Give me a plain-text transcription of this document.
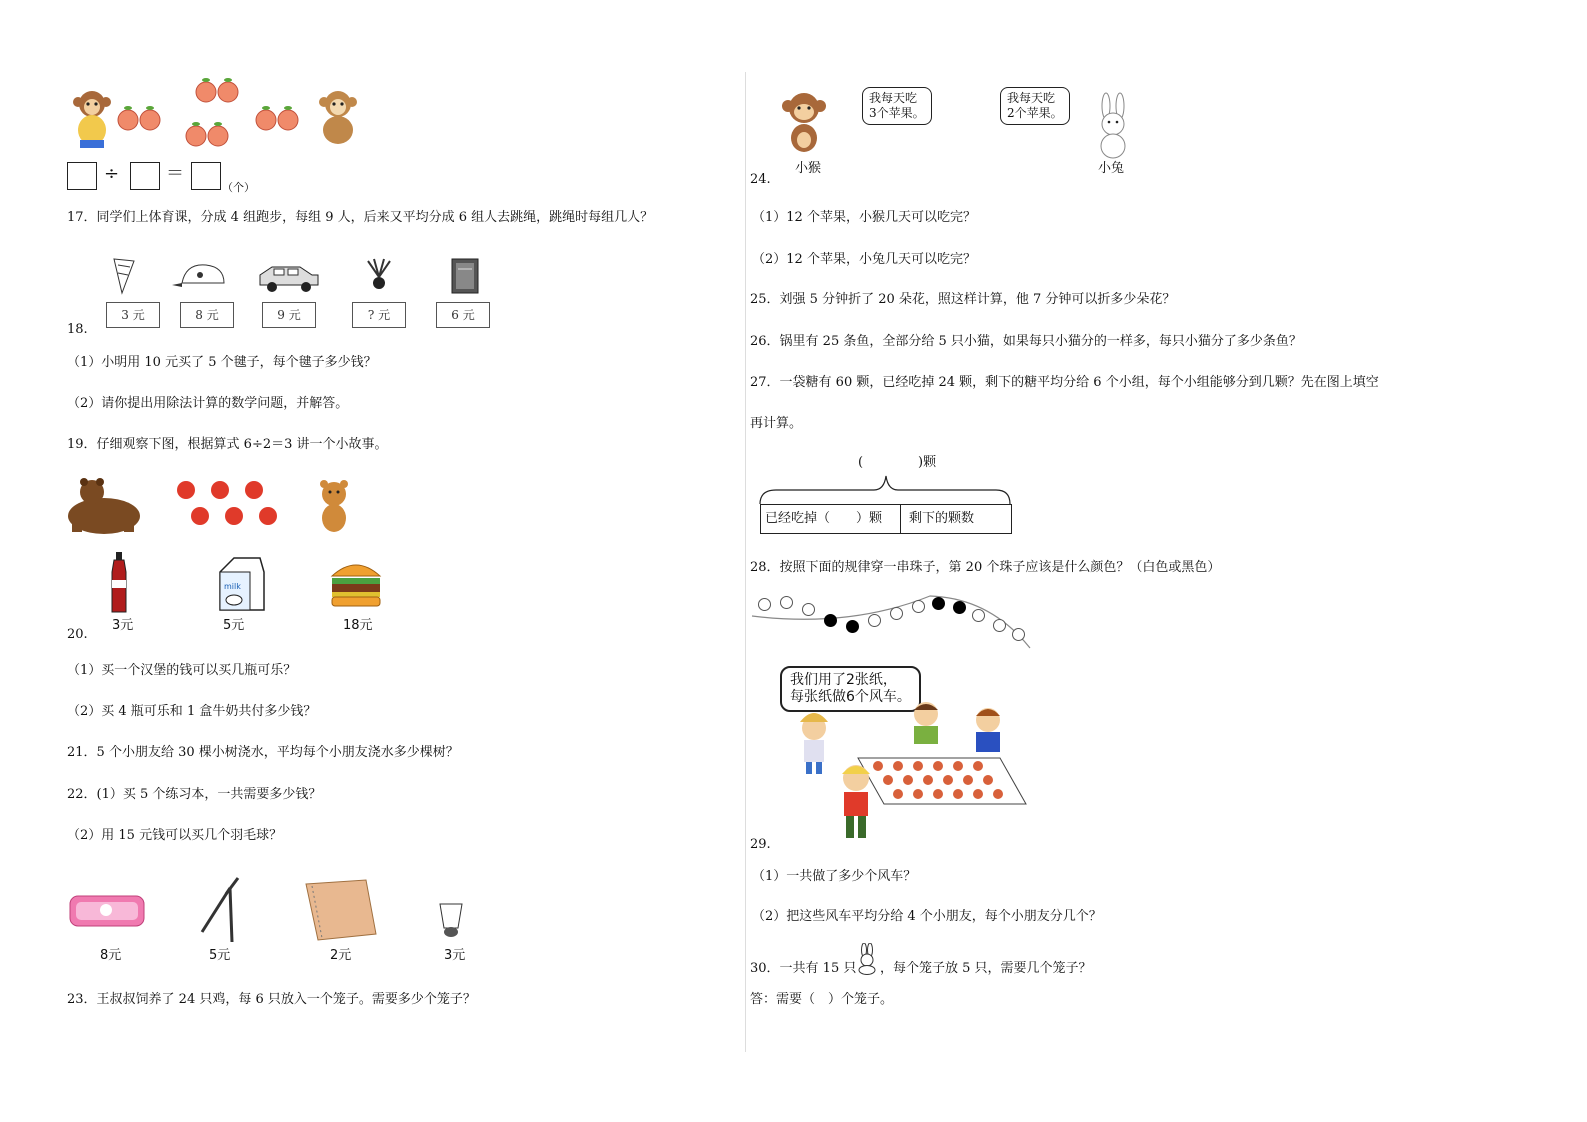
÷	＝
（个）
17．同学们上体育课，分成 4 组跑步，每组 9 人，后来又平均分成 6 组人去跳绳，跳绳时每组几人？
3 元	8 元	9 元	? 元	6 元
18.
（1）小明用 10 元买了 5 个毽子，每个毽子多少钱？
（2）请你提出用除法计算的数学问题，并解答。
19．仔细观察下图，根据算式 6÷2＝3 讲一个小故事。
milk
3元	5元	18元
20.
（1）买一个汉堡的钱可以买几瓶可乐？
（2）买 4 瓶可乐和 1 盒牛奶共付多少钱？
21．5 个小朋友给 30 棵小树浇水，平均每个小朋友浇水多少棵树？
22．(1）买 5 个练习本，一共需要多少钱？
（2）用 15 元钱可以买几个羽毛球？
8元	5元	2元	3元
23．王叔叔饲养了 24 只鸡，每 6 只放入一个笼子。需要多少个笼子？
我每天吃
3个苹果。
我每天吃
2个苹果。
小猴	小兔
24.
（1）12 个苹果，小猴几天可以吃完？
（2）12 个苹果，小兔几天可以吃完？
25．刘强 5 分钟折了 20 朵花，照这样计算，他 7 分钟可以折多少朵花？
26．锅里有 25 条鱼，全部分给 5 只小猫，如果每只小猫分的一样多，每只小猫分了多少条鱼？
27．一袋糖有 60 颗，已经吃掉 24 颗，剩下的糖平均分给 6 个小组，每个小组能够分到几颗？先在图上填空
再计算。
(	)颗
已经吃掉（　　）颗	剩下的颗数
28．按照下面的规律穿一串珠子，第 20 个珠子应该是什么颜色？（白色或黑色）
我们用了2张纸，
每张纸做6个风车。
29.
（1）一共做了多少个风车？
（2）把这些风车平均分给 4 个小朋友，每个小朋友分几个？
30．一共有 15 只 ，每个笼子放 5 只，需要几个笼子？
答：需要（　）个笼子。
